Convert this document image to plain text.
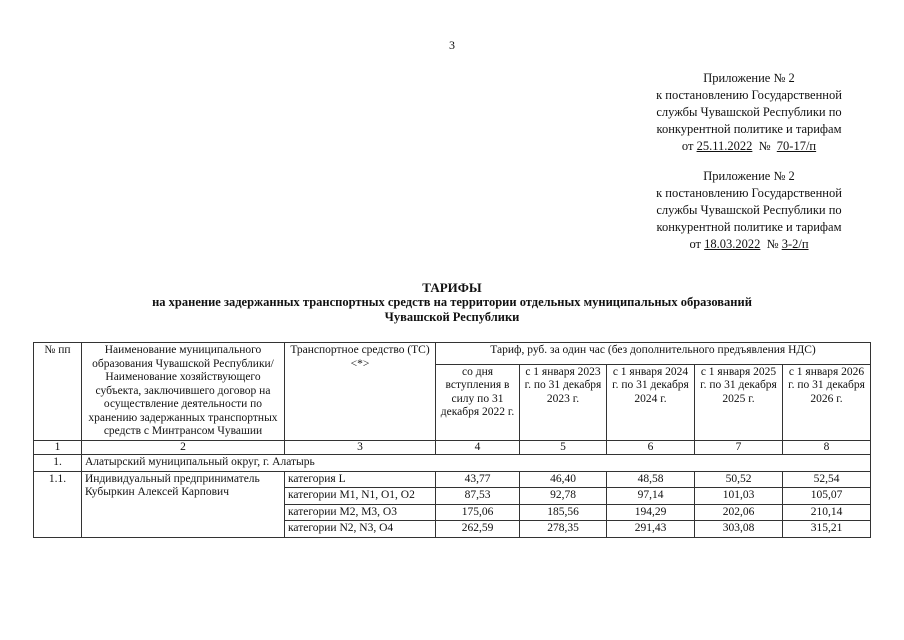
3
Приложение № 2
к постановлению Государственной
службы Чувашской Республики по
конкурентной политике и тарифам
от 25.11.2022 №  70-17/п
Приложение № 2
к постановлению Государственной
службы Чувашской Республики по
конкурентной политике и тарифам
от 18.03.2022 № 3-2/п
ТАРИФЫ
на хранение задержанных транспортных средств на территории отдельных муниципальных образований
Чувашской Республики
№ пп	Наименование муниципального образования Чувашской Республики/ Наименование хозяйствующего субъекта, заключившего договор на осуществление деятельности по хранению задержанных транспортных средств с Минтрансом Чувашии	Транспортное средство (ТС) <*>	Тариф, руб. за один час (без дополнительного предъявления НДС)				
			со дня вступления в силу по 31 декабря 2022 г.	с 1 января 2023 г. по 31 декабря 2023 г.	с 1 января 2024 г. по 31 декабря 2024 г.	с 1 января 2025 г. по 31 декабря 2025 г.	с 1 января 2026 г. по 31 декабря 2026 г.
1	2	3	4	5	6	7	8
1.	Алатырский муниципальный округ, г. Алатырь						
1.1.	Индивидуальный предприниматель Кубыркин Алексей Карпович	категория L	43,77	46,40	48,58	50,52	52,54
		категории М1, N1, О1, О2	87,53	92,78	97,14	101,03	105,07
		категории М2, М3, О3	175,06	185,56	194,29	202,06	210,14
		категории N2, N3, О4	262,59	278,35	291,43	303,08	315,21
